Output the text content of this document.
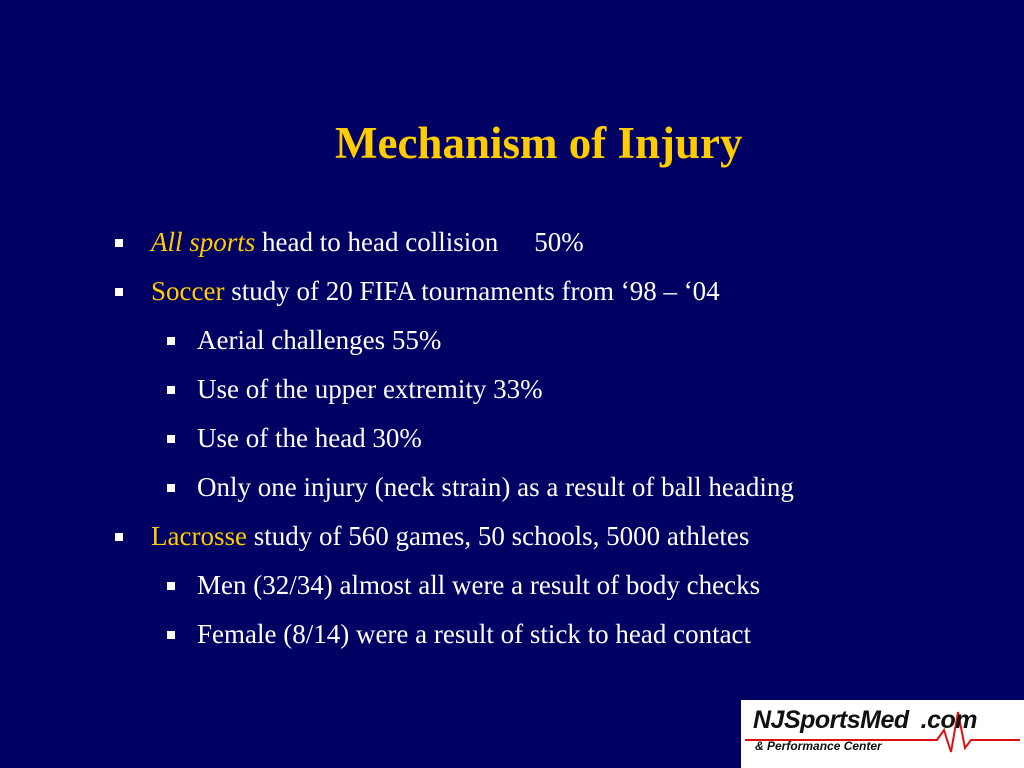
Mechanism of Injury
All sports head to head collision 50%
Soccer study of 20 FIFA tournaments from ‘98 – ‘04
Aerial challenges 55%
Use of the upper extremity 33%
Use of the head 30%
Only one injury (neck strain) as a result of ball heading
Lacrosse study of 560 games, 50 schools, 5000 athletes
Men (32/34) almost all were a result of body checks
Female (8/14) were a result of stick to head contact
NJSportsMed .com
& Performance Center
